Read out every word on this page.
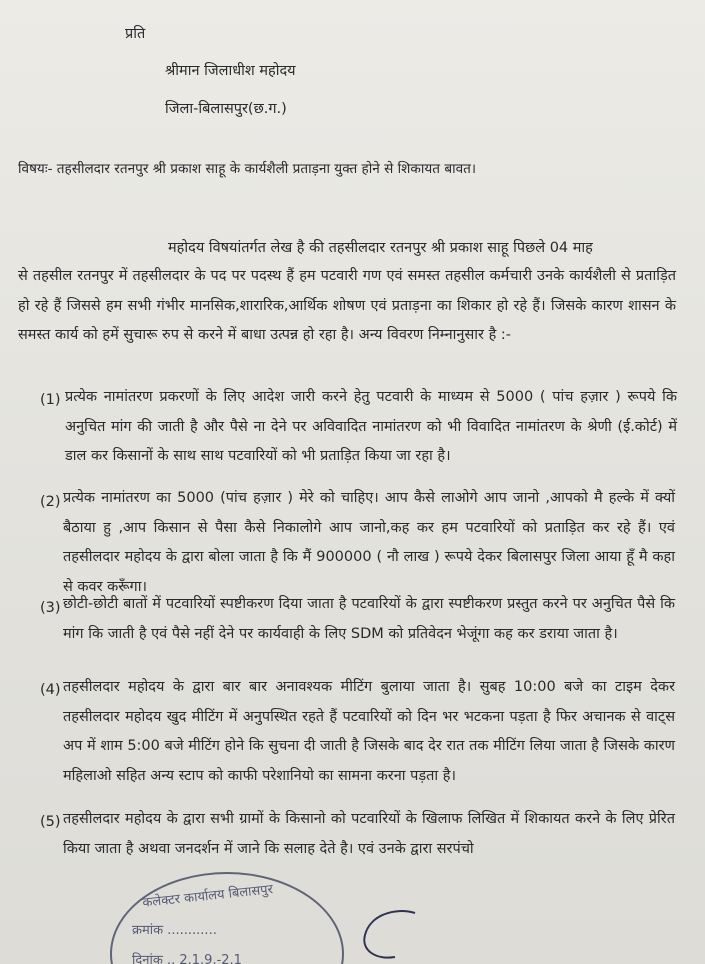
प्रति
श्रीमान जिलाधीश महोदय
जिला-बिलासपुर(छ.ग.)
विषयः- तहसीलदार रतनपुर श्री प्रकाश साहू के कार्यशैली प्रताड़ना युक्त होने से शिकायत बावत।
महोदय विषयांतर्गत लेख है की तहसीलदार रतनपुर श्री प्रकाश साहू पिछले 04 माह
से तहसील रतनपुर में तहसीलदार के पद पर पदस्थ हैं हम पटवारी गण एवं समस्त तहसील कर्मचारी उनके कार्यशैली से प्रताड़ित हो रहे हैं जिससे हम सभी गंभीर मानसिक,शारारिक,आर्थिक शोषण एवं प्रताड़ना का शिकार हो रहे हैं। जिसके कारण शासन के समस्त कार्य को हमें सुचारू रुप से करने में बाधा उत्पन्न हो रहा है। अन्य विवरण निम्नानुसार है :-
(1) प्रत्येक नामांतरण प्रकरणों के लिए आदेश जारी करने हेतु पटवारी के माध्यम से 5000 ( पांच हज़ार ) रूपये कि अनुचित मांग की जाती है और पैसे ना देने पर अविवादित नामांतरण को भी विवादित नामांतरण के श्रेणी (ई.कोर्ट) में डाल कर किसानों के साथ साथ पटवारियों को भी प्रताड़ित किया जा रहा है।
(2) प्रत्येक नामांतरण का 5000 (पांच हज़ार ) मेरे को चाहिए। आप कैसे लाओगे आप जानो ,आपको मै हल्के में क्यों बैठाया हु ,आप किसान से पैसा कैसे निकालोगे आप जानो,कह कर हम पटवारियों को प्रताड़ित कर रहे हैं। एवं तहसीलदार महोदय के द्वारा बोला जाता है कि मैं 900000 ( नौ लाख ) रूपये देकर बिलासपुर जिला आया हूँ मै कहा से कवर करूँगा।
(3) छोटी-छोटी बातों में पटवारियों स्पष्टीकरण दिया जाता है पटवारियों के द्वारा स्पष्टीकरण प्रस्तुत करने पर अनुचित पैसे कि मांग कि जाती है एवं पैसे नहीं देने पर कार्यवाही के लिए SDM को प्रतिवेदन भेजूंगा कह कर डराया जाता है।
(4) तहसीलदार महोदय के द्वारा बार बार अनावश्यक मीटिंग बुलाया जाता है। सुबह 10:00 बजे का टाइम देकर तहसीलदार महोदय खुद मीटिंग में अनुपस्थित रहते हैं पटवारियों को दिन भर भटकना पड़ता है फिर अचानक से वाट्स अप में शाम 5:00 बजे मीटिंग होने कि सुचना दी जाती है जिसके बाद देर रात तक मीटिंग लिया जाता है जिसके कारण महिलाओ सहित अन्य स्टाप को काफी परेशानियो का सामना करना पड़ता है।
(5) तहसीलदार महोदय के द्वारा सभी ग्रामों के किसानो को पटवारियों के खिलाफ लिखित में शिकायत करने के लिए प्रेरित किया जाता है अथवा जनदर्शन में जाने कि सलाह देते है। एवं उनके द्वारा सरपंचो
कलेक्टर कार्यालय बिलासपुर
क्रमांक ............
दिनांक .. 2.1.9.-2.1
